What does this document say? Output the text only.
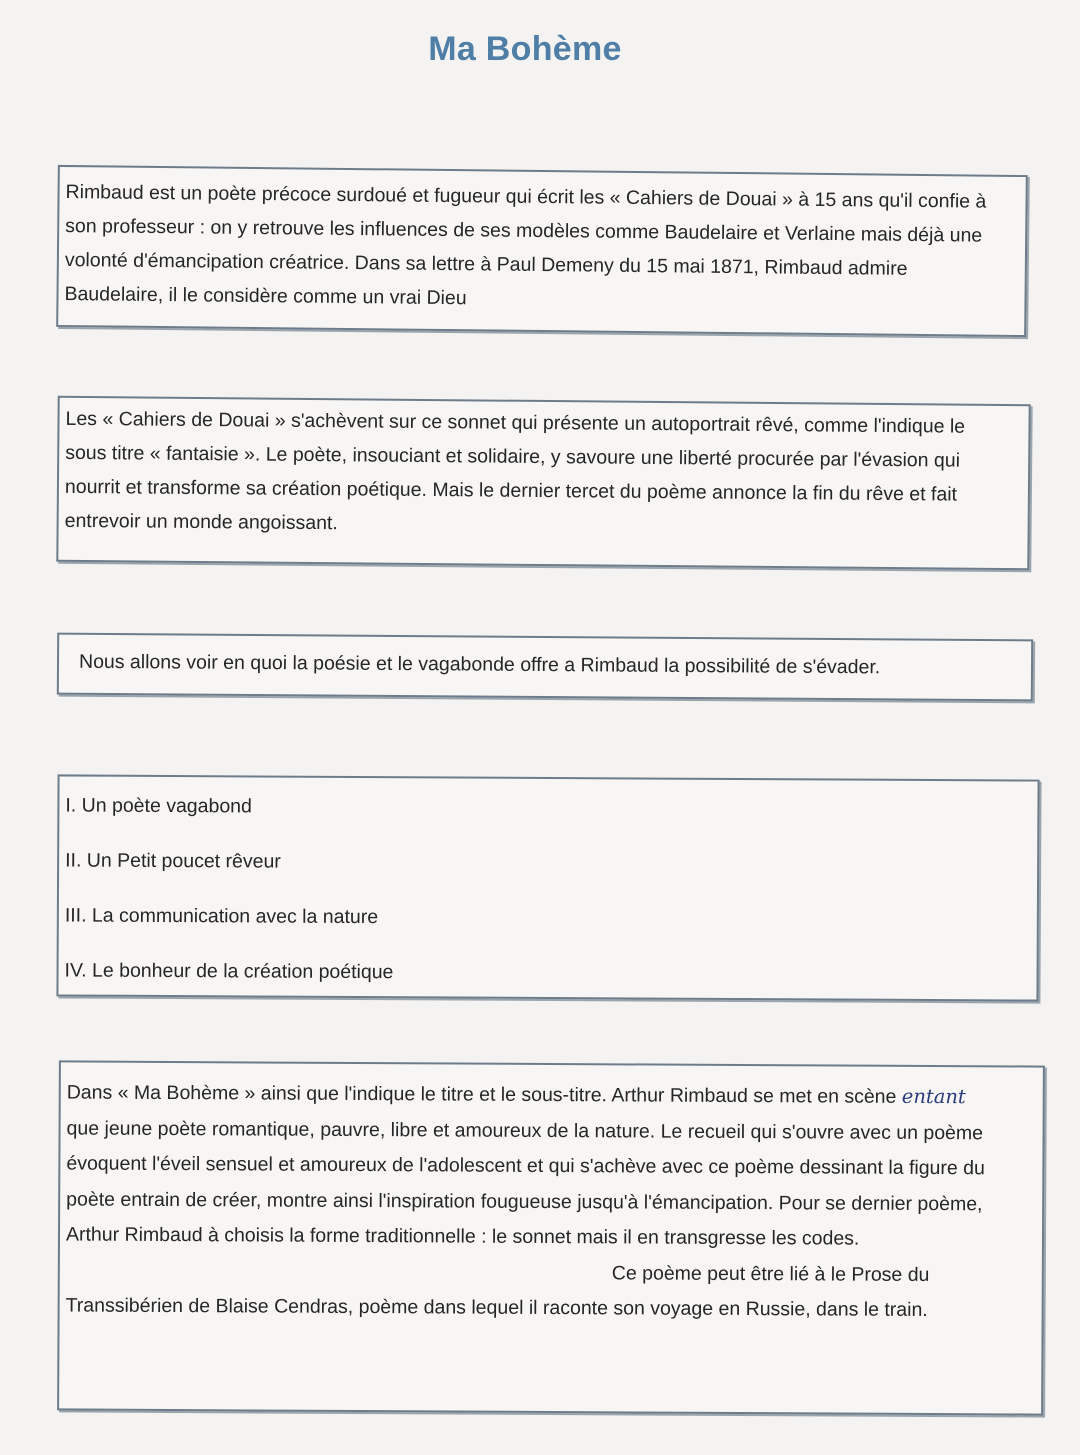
Ma Bohème

Rimbaud est un poète précoce surdoué et fugueur qui écrit les « Cahiers de Douai » à 15 ans qu'il confie à son professeur : on y retrouve les influences de ses modèles comme Baudelaire et Verlaine mais déjà une volonté d'émancipation créatrice. Dans sa lettre à Paul Demeny du 15 mai 1871, Rimbaud admire Baudelaire, il le considère comme un vrai Dieu

Les « Cahiers de Douai » s'achèvent sur ce sonnet qui présente un autoportrait rêvé, comme l'indique le sous titre « fantaisie ». Le poète, insouciant et solidaire, y savoure une liberté procurée par l'évasion qui nourrit et transforme sa création poétique. Mais le dernier tercet du poème annonce la fin du rêve et fait entrevoir un monde angoissant.

Nous allons voir en quoi la poésie et le vagabonde offre a Rimbaud la possibilité de s'évader.

I. Un poète vagabond
II. Un Petit poucet rêveur
III. La communication avec la nature
IV. Le bonheur de la création poétique

Dans « Ma Bohème » ainsi que l'indique le titre et le sous-titre. Arthur Rimbaud se met en scène entant que jeune poète romantique, pauvre, libre et amoureux de la nature. Le recueil qui s'ouvre avec un poème évoquent l'éveil sensuel et amoureux de l'adolescent et qui s'achève avec ce poème dessinant la figure du poète entrain de créer, montre ainsi l'inspiration fougueuse jusqu'à l'émancipation. Pour se dernier poème, Arthur Rimbaud à choisis la forme traditionnelle : le sonnet mais il en transgresse les codes.

Ce poème peut être lié à le Prose du
Transsibérien de Blaise Cendras, poème dans lequel il raconte son voyage en Russie, dans le train.
